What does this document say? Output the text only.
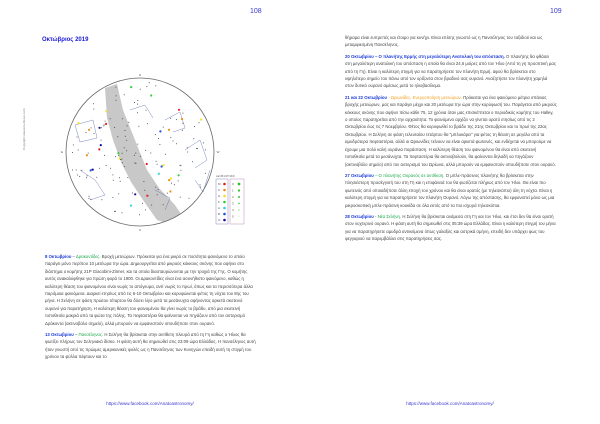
108
Οκτώβριος 2019
Copyright Heavens-Above.com
N
S
E	W
Lat=38 LST=18.8
M
K
G
F
A
B
O
0
1
2
3
4
5

8 Οκτωβρίου – Δρακοντίδες. Βροχή μετεώρων. Πρόκειται για ένα μικρό σε ποσότητα φαινόμενο το οποίο παράγει μόνο περίπου 10 μετέωρα την ώρα. Δημιουργείται από μικρούς κόκκους σκόνης που αφήνει στο διάστημα ο κομήτης 21P Giacobini-Zinner, και τα οποία διασταυρώνονται με την τροχιά της Γης. Ο κομήτης αυτός ανακαλύφθηκε για πρώτη φορά το 1900. Οι Δρακοντίδες είναι ένα ασυνήθιστο φαινόμενο, καθώς η καλύτερη θέαση του φαινομένου είναι νωρίς το απόγευμα, αντί νωρίς το πρωί, όπως και τα περισσότερα άλλα παρόμοια φαινόμενα. Διαρκεί ετησίως από τις 6-10 Οκτωβρίου και κορυφώνεται φέτος τη νύχτα του 8ης του μήνα. Η Σελήνη σε φάση πρώτου τέταρτου θα δύσει λίγο μετά τα μεσάνυχτα αφήνοντας αρκετά σκοτεινό ουρανό για παρατήρηση. Η καλύτερη θέαση του φαινομένου θα γίνει νωρίς το βράδυ, από μια σκοτεινή τοποθεσία μακριά από τα φώτα της πόλης. Τα πεφταστέρια θα φαίνονται να πηγάζουν από τον αστερισμό Δράκοντα (ακτινοβόλο σημείο), αλλά μπορούν να εμφανιστούν οπουδήποτε στον ουρανό.

13 Οκτωβρίου – Πανσέληνος. Η Σελήνη θα βρίσκεται στην αντίθετη πλευρά από τη Γη καθώς ο Ήλιος θα φωτίζει πλήρως τον Σεληνιακό δίσκο. Η φάση αυτή θα σημειωθεί στις 23:09 ώρα Ελλάδας. Η πανσέληνος αυτή ήταν γνωστή από τις πρώιμες αμερικανικές φυλές ως η Πανσέληνος των Κυνηγών επειδή αυτή τη στιγμή του χρόνου τα φύλλα πέφτουν και το

https://www.facebook.com/Anatoastronomy/
109

θήραμα είναι ευπρεπές και έτοιμο για κυνήγι. Είναι επίσης γνωστό ως η Πανσέληνος του ταξιδιού και ως μεταμφιεσμένη Πανσέληνος.

20 Οκτωβρίου – Ο πλανήτης Ερμής στη μεγαλύτερη Ανατολική του απόσταση. Ο πλανήτης θα φθάσει στη μεγαλύτερη ανατολική του απόσταση η οποία θα είναι 24,6 μοίρες από τον Ήλιο (Από τη γη προοπτική μας από τη Γη). Είναι η καλύτερη στιγμή για να παρατηρήσετε τον πλανήτη Ερμή, αφού θα βρίσκεται στο υψηλότερο σημείο του πάνω από τον ορίζοντα στον βραδινό σας ουρανό. Αναζητήστε τον πλανήτη χαμηλά στον δυτικό ουρανό αμέσως μετά το ηλιοβασίλεμα.

21 και 22 Οκτωβρίου - Ωριωνίδες. Ενεργοποίηση μετεώρων. Πρόκειται για ένα φαινόμενο μέτρια σπάνιας βροχής μετεώρων, μας και παράγει μέχρι και 20 μετέωρα την ώρα στην κορύφωσή του. Παράγεται από μικρούς κόκκους σκόνης που αφήνει πίσω κάθε 75, 12 χρόνια όταν μας επισκέπτεται ο περιοδικός κομήτης του Halley, ο οποίος παρατηρείται από την αρχαιότητα. Το φαινόμενο αρχίζει να γίνεται ορατό ετησίως από τις 2 Οκτωβρίου έως τις 7 Νοεμβρίου. Φέτος θα κορυφωθεί το βράδυ της 21ης Οκτωβρίου και το πρωί της 22ας Οκτωβρίου. Η Σελήνη σε φάση τελευταίου τετάρτου θα "μπλοκάρει" για φέτος τη θέαση σε μεγάλο από τα αμυδρότερα πεφταστέρια, αλλά οι Ωριωνίδες τείνουν να είναι αρκετά φωτεινές, και ενδέχεται να μπορούμε να έχουμε μια πολύ καλή ουράνια παράσταση. Η καλύτερη θέαση του φαινομένου θα είναι από σκοτεινή τοποθεσία μετά τα μεσάνυχτα. Τα πεφταστέρια θα ακτινοβολούν, θα φαίνονται δηλαδή να πηγάζουν (ακτινοβόλο σημείο) από τον αστερισμό του Ωρίωνα, αλλά μπορούν να εμφανιστούν οπουδήποτε στον ουρανό.

27 Οκτωβρίου – Ο πλανήτης Ουρανός σε αντίθεση. Ο μπλε-πράσινος πλανήτης θα βρίσκεται στην πλησιέστερη προσέγγισή του στη Γη και η επιφάνειά του θα φωτίζεται πλήρως από τον Ήλιο. Θα είναι πιο φωτεινός από οποιαδήποτε άλλη εποχή του χρόνου και θα είναι ορατός (με τηλεσκόπιο) όλη τη νύχτα. Είναι η καλύτερη στιγμή για να παρατηρήσετε τον πλανήτη Ουρανό. Λόγω της απόστασης, θα εμφανιστεί μόνο ως μια μικροσκοπική μπλε-πράσινη κουκίδα σε όλα εκτός από τα πιο ισχυρά τηλεσκόπια.

28 Οκτωβρίου - Νέα Σελήνη. Η Σελήνη θα βρίσκεται ανάμεσα στη Γη και τον Ήλιο, και έτσι δεν θα είναι ορατή στον νυχτερινό ουρανό. Η φάση αυτή θα σημειωθεί στις 05:39 ώρα Ελλάδας. Είναι η καλύτερη στιγμή του μήνα για να παρατηρήσετε αμυδρά αντικείμενα όπως γαλαξίες και αστρικά σμήνη, επειδή δεν υπάρχει φως του φεγγαριού να παρεμβάλλει στις παρατηρήσεις σας.

https://www.facebook.com/Anatoastronomy/
